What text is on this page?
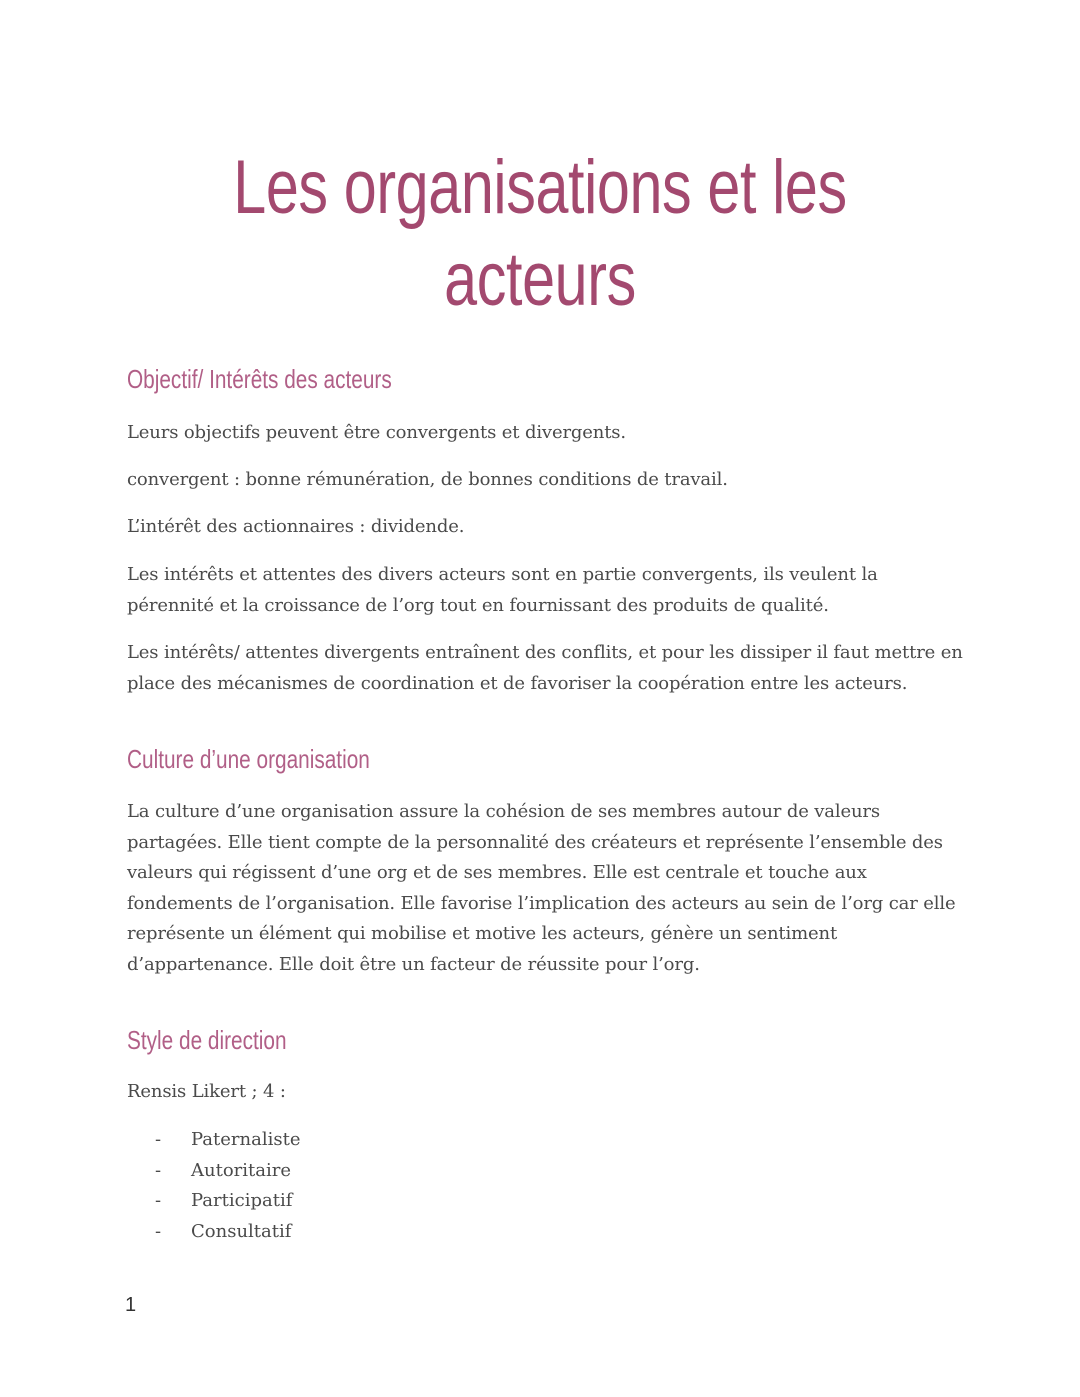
Les organisations et les
acteurs
Objectif/ Intérêts des acteurs

Leurs objectifs peuvent être convergents et divergents.

convergent : bonne rémunération, de bonnes conditions de travail.

L’intérêt des actionnaires : dividende.

Les intérêts et attentes des divers acteurs sont en partie convergents, ils veulent la pérennité et la croissance de l’org tout en fournissant des produits de qualité.

Les intérêts/ attentes divergents entraînent des conflits, et pour les dissiper il faut mettre en place des mécanismes de coordination et de favoriser la coopération entre les acteurs.

Culture d’une organisation

La culture d’une organisation assure la cohésion de ses membres autour de valeurs partagées. Elle tient compte de la personnalité des créateurs et représente l’ensemble des valeurs qui régissent d’une org et de ses membres. Elle est centrale et touche aux fondements de l’organisation. Elle favorise l’implication des acteurs au sein de l’org car elle représente un élément qui mobilise et motive les acteurs, génère un sentiment d’appartenance. Elle doit être un facteur de réussite pour l’org.

Style de direction

Rensis Likert ; 4 :

-	Paternaliste
-	Autoritaire
-	Participatif
-	Consultatif
1
